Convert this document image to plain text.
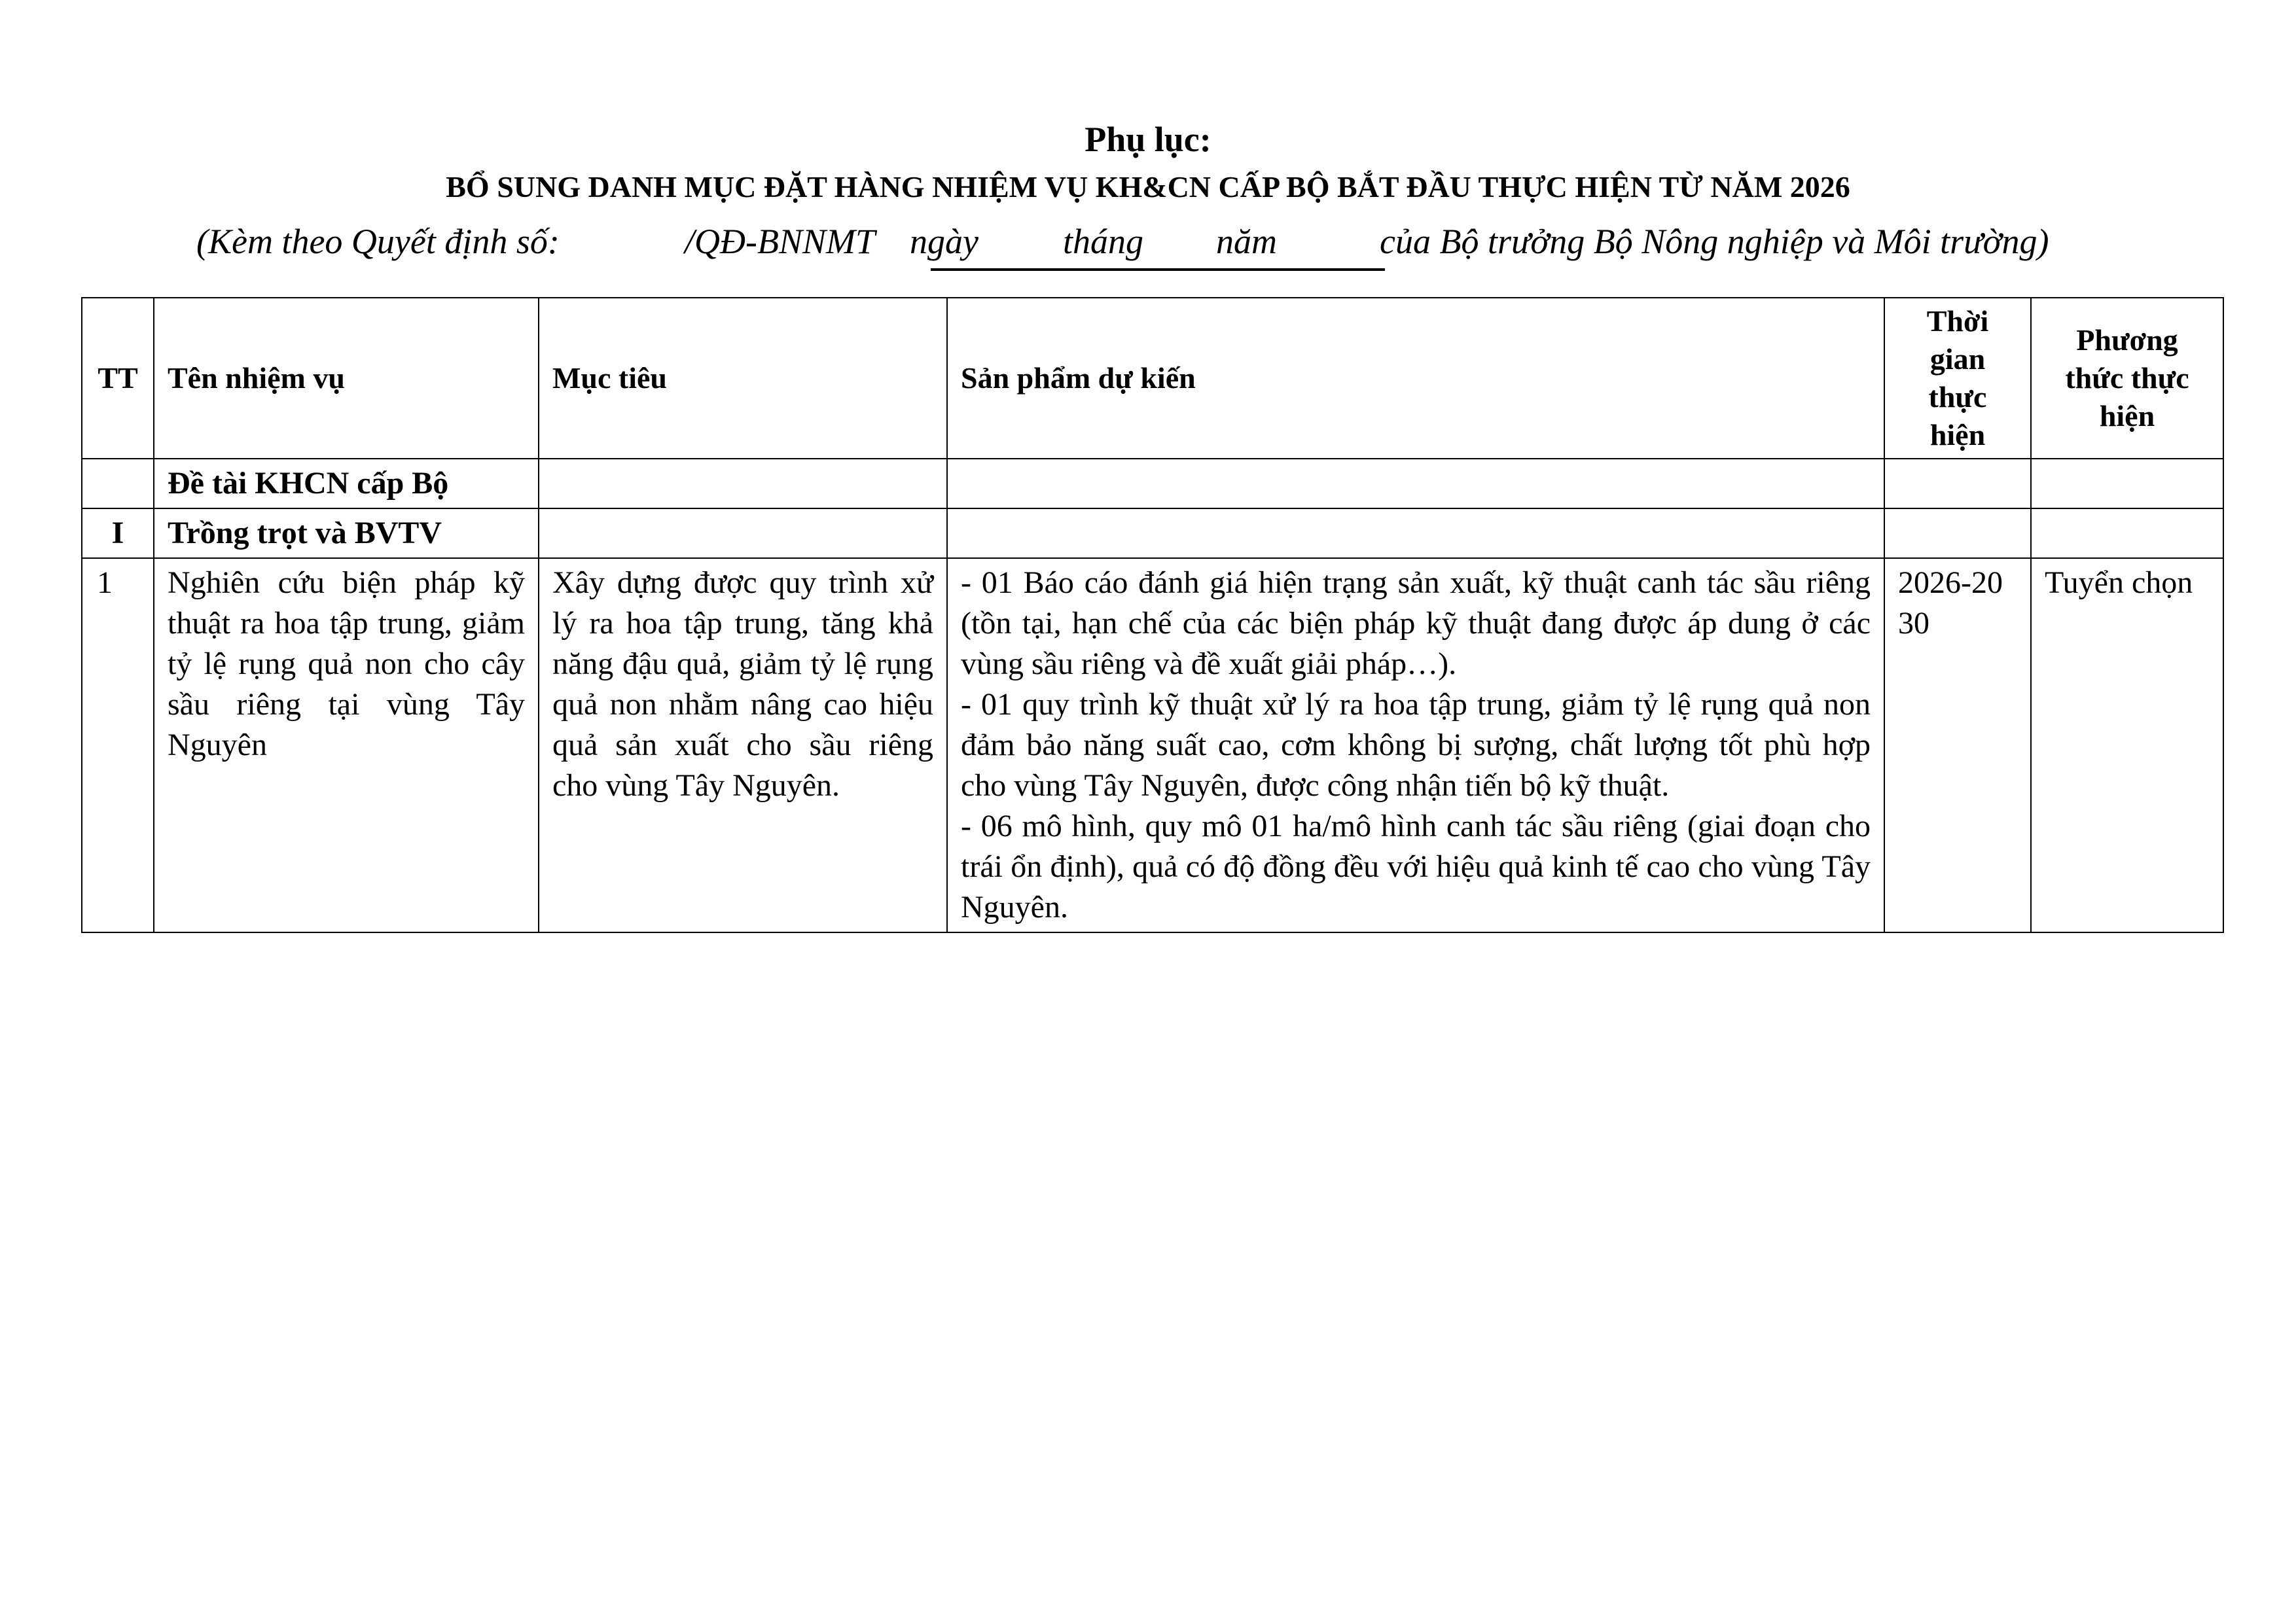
Phụ lục:
BỔ SUNG DANH MỤC ĐẶT HÀNG NHIỆM VỤ KH&CN CẤP BỘ BẮT ĐẦU THỰC HIỆN TỪ NĂM 2026
(Kèm theo Quyết định số:	/QĐ-BNNMT ngày tháng năm	của Bộ trưởng Bộ Nông nghiệp và Môi trường)
TT	Tên nhiệm vụ	Mục tiêu	Sản phẩm dự kiến	Thời gian thực hiện	Phương thức thực hiện
	Đề tài KHCN cấp Bộ				
I	Trồng trọt và BVTV				
1	Nghiên cứu biện pháp kỹ thuật ra hoa tập trung, giảm tỷ lệ rụng quả non cho cây sầu riêng tại vùng Tây Nguyên	Xây dựng được quy trình xử lý ra hoa tập trung, tăng khả năng đậu quả, giảm tỷ lệ rụng quả non nhằm nâng cao hiệu quả sản xuất cho sầu riêng cho vùng Tây Nguyên.	- 01 Báo cáo đánh giá hiện trạng sản xuất, kỹ thuật canh tác sầu riêng (tồn tại, hạn chế của các biện pháp kỹ thuật đang được áp dung ở các vùng sầu riêng và đề xuất giải pháp…).
- 01 quy trình kỹ thuật xử lý ra hoa tập trung, giảm tỷ lệ rụng quả non đảm bảo năng suất cao, cơm không bị sượng, chất lượng tốt phù hợp cho vùng Tây Nguyên, được công nhận tiến bộ kỹ thuật.
- 06 mô hình, quy mô 01 ha/mô hình canh tác sầu riêng (giai đoạn cho trái ổn định), quả có độ đồng đều với hiệu quả kinh tế cao cho vùng Tây Nguyên.	2026-2030	Tuyển chọn
